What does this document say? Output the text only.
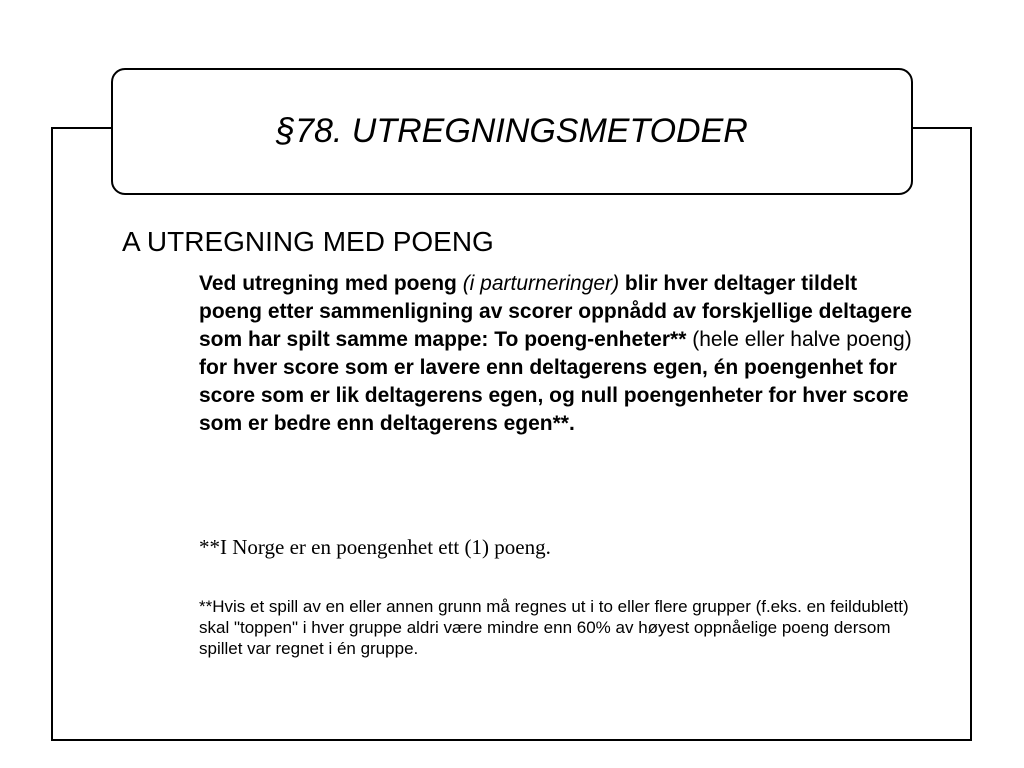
§78. UTREGNINGSMETODER
A UTREGNING MED POENG
Ved utregning med poeng (i parturneringer) blir hver deltager tildelt poeng etter sammenligning av scorer oppnådd av forskjellige deltagere som har spilt samme mappe: To poeng-enheter** (hele eller halve poeng) for hver score som er lavere enn deltagerens egen, én poengenhet for score som er lik deltagerens egen, og null poengenheter for hver score som er bedre enn deltagerens egen**.
**I Norge er en poengenhet ett (1) poeng.
**Hvis et spill av en eller annen grunn må regnes ut i to eller flere grupper (f.eks. en feildublett) skal "toppen" i hver gruppe aldri være mindre enn 60% av høyest oppnåelige poeng dersom spillet var regnet i én gruppe.
